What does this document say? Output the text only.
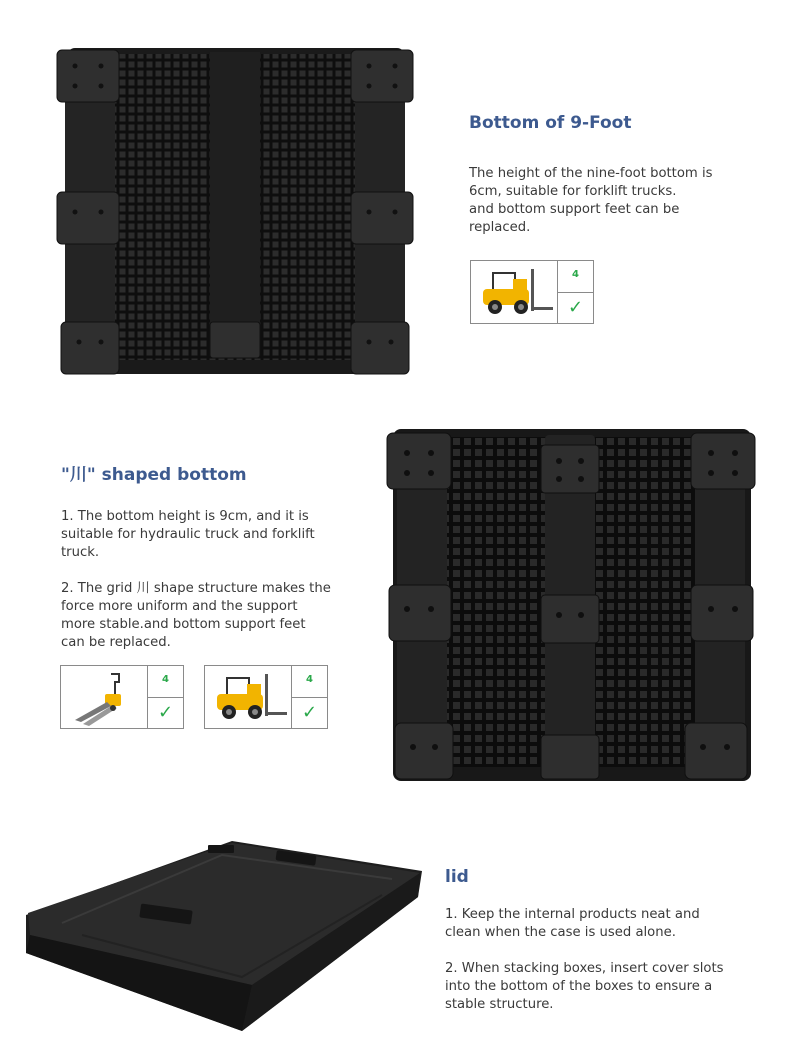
Bottom of 9-Foot

The height of the nine-foot bottom is 6cm, suitable for forklift trucks.
and bottom support feet can be replaced.

4
✓
"川" shaped bottom

1. The bottom height is 9cm, and it is suitable for hydraulic truck and forklift truck.

2. The grid 川 shape structure makes the force more uniform and the support more stable.and bottom support feet can be replaced.

4
✓
4
✓
lid

1. Keep the internal products neat and clean when the case is used alone.

2. When stacking boxes, insert cover slots into the bottom of the boxes to ensure a stable structure.
